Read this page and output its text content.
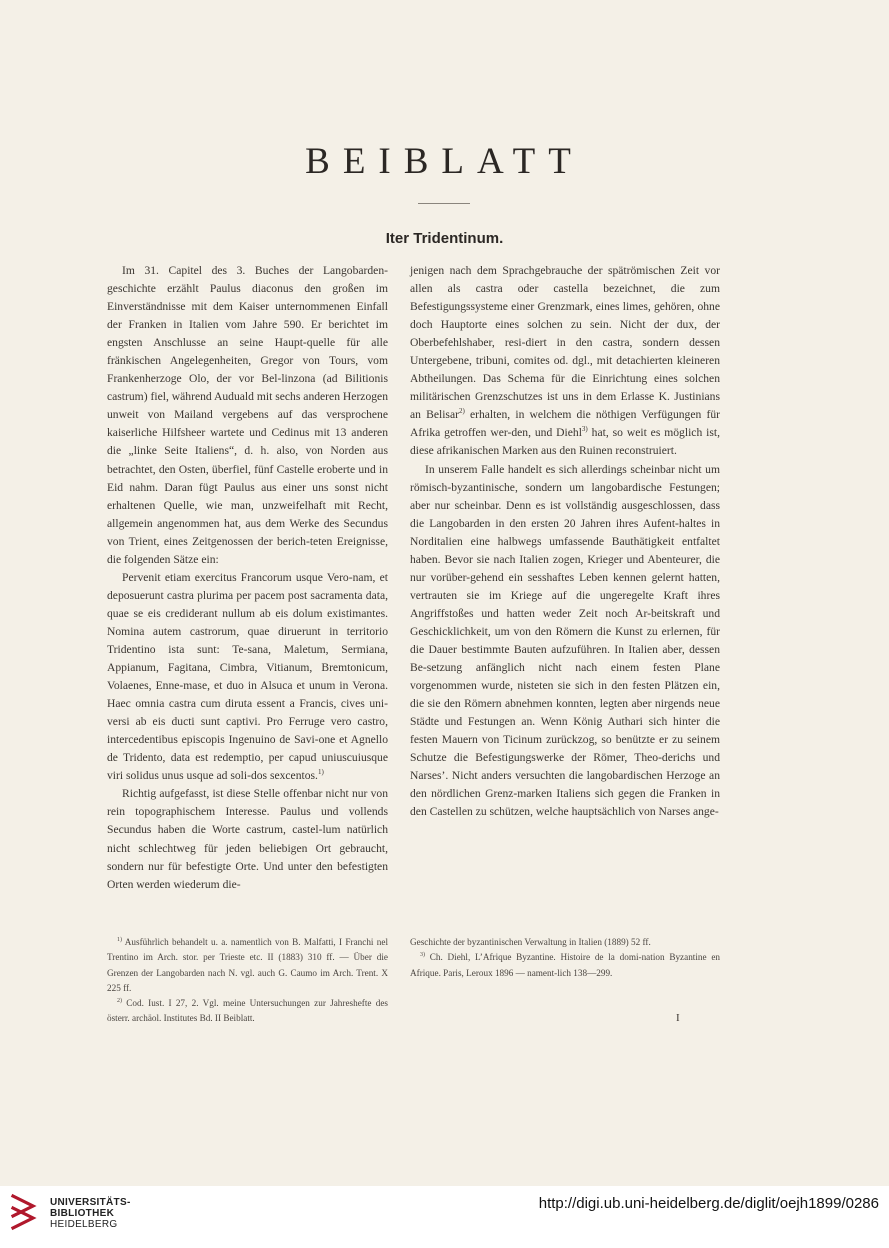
BEIBLATT
Iter Tridentinum.

Im 31. Capitel des 3. Buches der Langobarden-geschichte erzählt Paulus diaconus den großen im Einverständnisse mit dem Kaiser unternommenen Einfall der Franken in Italien vom Jahre 590. Er berichtet im engsten Anschlusse an seine Haupt-quelle für alle fränkischen Angelegenheiten, Gregor von Tours, vom Frankenherzoge Olo, der vor Bel-linzona (ad Bilitionis castrum) fiel, während Auduald mit sechs anderen Herzogen unweit von Mailand vergebens auf das versprochene kaiserliche Hilfsheer wartete und Cedinus mit 13 anderen die „linke Seite Italiens“, d. h. also, von Norden aus betrachtet, den Osten, überfiel, fünf Castelle eroberte und in Eid nahm. Daran fügt Paulus aus einer uns sonst nicht erhaltenen Quelle, wie man, unzweifelhaft mit Recht, allgemein angenommen hat, aus dem Werke des Secundus von Trient, eines Zeitgenossen der berich-teten Ereignisse, die folgenden Sätze ein:

Pervenit etiam exercitus Francorum usque Vero-nam, et deposuerunt castra plurima per pacem post sacramenta data, quae se eis crediderant nullum ab eis dolum existimantes. Nomina autem castrorum, quae diruerunt in territorio Tridentino ista sunt: Te-sana, Maletum, Sermiana, Appianum, Fagitana, Cimbra, Vitianum, Bremtonicum, Volaenes, Enne-mase, et duo in Alsuca et unum in Verona. Haec omnia castra cum diruta essent a Francis, cives uni-versi ab eis ducti sunt captivi. Pro Ferruge vero castro, intercedentibus episcopis Ingenuino de Savi-one et Agnello de Tridento, data est redemptio, per capud uniuscuiusque viri solidus unus usque ad soli-dos sexcentos.$^{1)}$

Richtig aufgefasst, ist diese Stelle offenbar nicht nur von rein topographischem Interesse. Paulus und vollends Secundus haben die Worte castrum, castel-lum natürlich nicht schlechtweg für jeden beliebigen Ort gebraucht, sondern nur für befestigte Orte. Und unter den befestigten Orten werden wiederum die-

jenigen nach dem Sprachgebrauche der spätrömischen Zeit vor allen als castra oder castella bezeichnet, die zum Befestigungssysteme einer Grenzmark, eines limes, gehören, ohne doch Hauptorte eines solchen zu sein. Nicht der dux, der Oberbefehlshaber, resi-diert in den castra, sondern dessen Untergebene, tribuni, comites od. dgl., mit detachierten kleineren Abtheilungen. Das Schema für die Einrichtung eines solchen militärischen Grenzschutzes ist uns in dem Erlasse K. Justinians an Belisar$^{2)}$ erhalten, in welchem die nöthigen Verfügungen für Afrika getroffen wer-den, und Diehl$^{3)}$ hat, so weit es möglich ist, diese afrikanischen Marken aus den Ruinen reconstruiert.

In unserem Falle handelt es sich allerdings scheinbar nicht um römisch-byzantinische, sondern um langobardische Festungen; aber nur scheinbar. Denn es ist vollständig ausgeschlossen, dass die Langobarden in den ersten 20 Jahren ihres Aufent-haltes in Norditalien eine halbwegs umfassende Bauthätigkeit entfaltet haben. Bevor sie nach Italien zogen, Krieger und Abenteurer, die nur vorüber-gehend ein sesshaftes Leben kennen gelernt hatten, vertrauten sie im Kriege auf die ungeregelte Kraft ihres Angriffstoßes und hatten weder Zeit noch Ar-beitskraft und Geschicklichkeit, um von den Römern die Kunst zu erlernen, für die Dauer bestimmte Bauten aufzuführen. In Italien aber, dessen Be-setzung anfänglich nicht nach einem festen Plane vorgenommen wurde, nisteten sie sich in den festen Plätzen ein, die sie den Römern abnehmen konnten, legten aber nirgends neue Städte und Festungen an. Wenn König Authari sich hinter die festen Mauern von Ticinum zurückzog, so benützte er zu seinem Schutze die Befestigungswerke der Römer, Theo-derichs und Narses’. Nicht anders versuchten die langobardischen Herzoge an den nördlichen Grenz-marken Italiens sich gegen die Franken in den Castellen zu schützen, welche hauptsächlich von Narses ange-

$^{1)}$ Ausführlich behandelt u. a. namentlich von B. Malfatti, I Franchi nel Trentino im Arch. stor. per Trieste etc. II (1883) 310 ff. — Über die Grenzen der Langobarden nach N. vgl. auch G. Caumo im Arch. Trent. X 225 ff.

$^{2)}$ Cod. Iust. I 27, 2. Vgl. meine Untersuchungen zur Jahreshefte des österr. archäol. Institutes Bd. II Beiblatt.

Geschichte der byzantinischen Verwaltung in Italien (1889) 52 ff.

$^{3)}$ Ch. Diehl, L’Afrique Byzantine. Histoire de la domi-nation Byzantine en Afrique. Paris, Leroux 1896 — nament-lich 138—299.

I
UNIVERSITÄTS-
BIBLIOTHEK
HEIDELBERG
http://digi.ub.uni-heidelberg.de/diglit/oejh1899/0286
